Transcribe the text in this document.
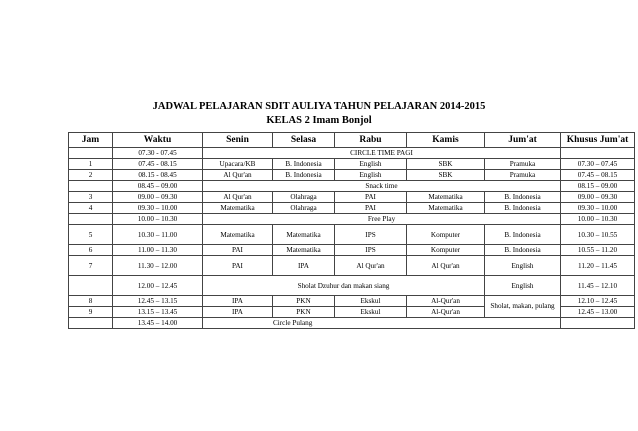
JADWAL PELAJARAN SDIT AULIYA TAHUN PELAJARAN 2014-2015
KELAS 2 Imam Bonjol
Jam	Waktu	Senin	Selasa	Rabu	Kamis	Jum'at	Khusus Jum'at
	07.30 - 07.45	CIRCLE TIME PAGI					
1	07.45 - 08.15	Upacara/KB	B. Indonesia	English	SBK	Pramuka	07.30 – 07.45
2	08.15 - 08.45	Al Qur'an	B. Indonesia	English	SBK	Pramuka	07.45 – 08.15
	08.45 – 09.00	Snack time					08.15 – 09.00
3	09.00 – 09.30	Al Qur'an	Olahraga	PAI	Matematika	B. Indonesia	09.00 – 09.30
4	09.30 – 10.00	Matematika	Olahraga	PAI	Matematika	B. Indonesia	09.30 – 10.00
	10.00 – 10.30	Free Play					10.00 – 10.30
5	10.30 – 11.00	Matematika	Matematika	IPS	Komputer	B. Indonesia	10.30 – 10.55
6	11.00 – 11.30	PAI	Matematika	IPS	Komputer	B. Indonesia	10.55 – 11.20
7	11.30 – 12.00	PAI	IPA	Al Qur'an	Al Qur'an	English	11.20 – 11.45
	12.00 – 12.45	Sholat Dzuhur dan makan siang				English	11.45 – 12.10
8	12.45 – 13.15	IPA	PKN	Ekskul	Al-Qur'an	Sholat, makan, pulang	12.10 – 12.45
9	13.15 – 13.45	IPA	PKN	Ekskul	Al-Qur'an		12.45 – 13.00
	13.45 – 14.00	Circle Pulang					
